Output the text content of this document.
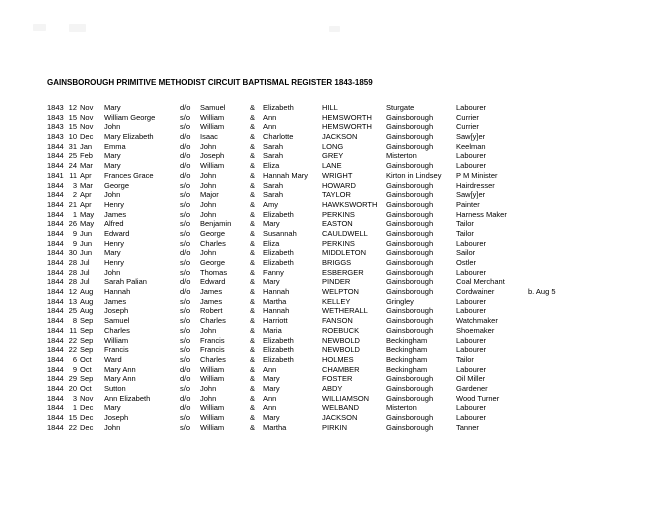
GAINSBOROUGH PRIMITIVE METHODIST CIRCUIT BAPTISMAL REGISTER 1843-1859
1843 12 Nov	Mary	d/o	Samuel	&	Elizabeth	HILL	Sturgate	Labourer
1843 15 Nov	William George	s/o	William	&	Ann	HEMSWORTH	Gainsborough	Currier
1843 15 Nov	John	s/o	William	&	Ann	HEMSWORTH	Gainsborough	Currier
1843 10 Dec	Mary Elizabeth	d/o	Isaac	&	Charlotte	JACKSON	Gainsborough	Saw[y]er
1844 31 Jan	Emma	d/o	John	&	Sarah	LONG	Gainsborough	Keelman
1844 25 Feb	Mary	d/o	Joseph	&	Sarah	GREY	Misterton	Labourer
1844 24 Mar	Mary	d/o	William	&	Eliza	LANE	Gainsborough	Labourer
1841 11 Apr	Frances Grace	d/o	John	&	Hannah Mary	WRIGHT	Kirton in Lindsey	P M Minister
1844	3 Mar	George	s/o	John	&	Sarah	HOWARD	Gainsborough	Hairdresser
1844	2 Apr	John	s/o	Major	&	Sarah	TAYLOR	Gainsborough	Saw[y]er
1844 21 Apr	Henry	s/o	John	&	Amy	HAWKSWORTH	Gainsborough	Painter
1844	1 May	James	s/o	John	&	Elizabeth	PERKINS	Gainsborough	Harness Maker
1844 26 May	Alfred	s/o	Benjamin	&	Mary	EASTON	Gainsborough	Tailor
1844	9 Jun	Edward	s/o	George	&	Susannah	CAULDWELL	Gainsborough	Tailor
1844	9 Jun	Henry	s/o	Charles	&	Eliza	PERKINS	Gainsborough	Labourer
1844 30 Jun	Mary	d/o	John	&	Elizabeth	MIDDLETON	Gainsborough	Sailor
1844 28 Jul	Henry	s/o	George	&	Elizabeth	BRIGGS	Gainsborough	Ostler
1844 28 Jul	John	s/o	Thomas	&	Fanny	ESBERGER	Gainsborough	Labourer
1844 28 Jul	Sarah Palian	d/o	Edward	&	Mary	PINDER	Gainsborough	Coal Merchant
1844 12 Aug	Hannah	d/o	James	&	Hannah	WELPTON	Gainsborough	Cordwainer	b. Aug 5
1844 13 Aug	James	s/o	James	&	Martha	KELLEY	Gringley	Labourer
1844 25 Aug	Joseph	s/o	Robert	&	Hannah	WETHERALL	Gainsborough	Labourer
1844	8 Sep	Samuel	s/o	Charles	&	Harriott	FANSON	Gainsborough	Watchmaker
1844 11 Sep	Charles	s/o	John	&	Maria	ROEBUCK	Gainsborough	Shoemaker
1844 22 Sep	William	s/o	Francis	&	Elizabeth	NEWBOLD	Beckingham	Labourer
1844 22 Sep	Francis	s/o	Francis	&	Elizabeth	NEWBOLD	Beckingham	Labourer
1844	6 Oct	Ward	s/o	Charles	&	Elizabeth	HOLMES	Beckingham	Tailor
1844	9 Oct	Mary Ann	d/o	William	&	Ann	CHAMBER	Beckingham	Labourer
1844 29 Sep	Mary Ann	d/o	William	&	Mary	FOSTER	Gainsborough	Oil Miller
1844 20 Oct	Sutton	s/o	John	&	Mary	ABDY	Gainsborough	Gardener
1844	3 Nov	Ann Elizabeth	d/o	John	&	Ann	WILLIAMSON	Gainsborough	Wood Turner
1844	1 Dec	Mary	d/o	William	&	Ann	WELBAND	Misterton	Labourer
1844 15 Dec	Joseph	s/o	William	&	Mary	JACKSON	Gainsborough	Labourer
1844 22 Dec	John	s/o	William	&	Martha	PIRKIN	Gainsborough	Tanner
